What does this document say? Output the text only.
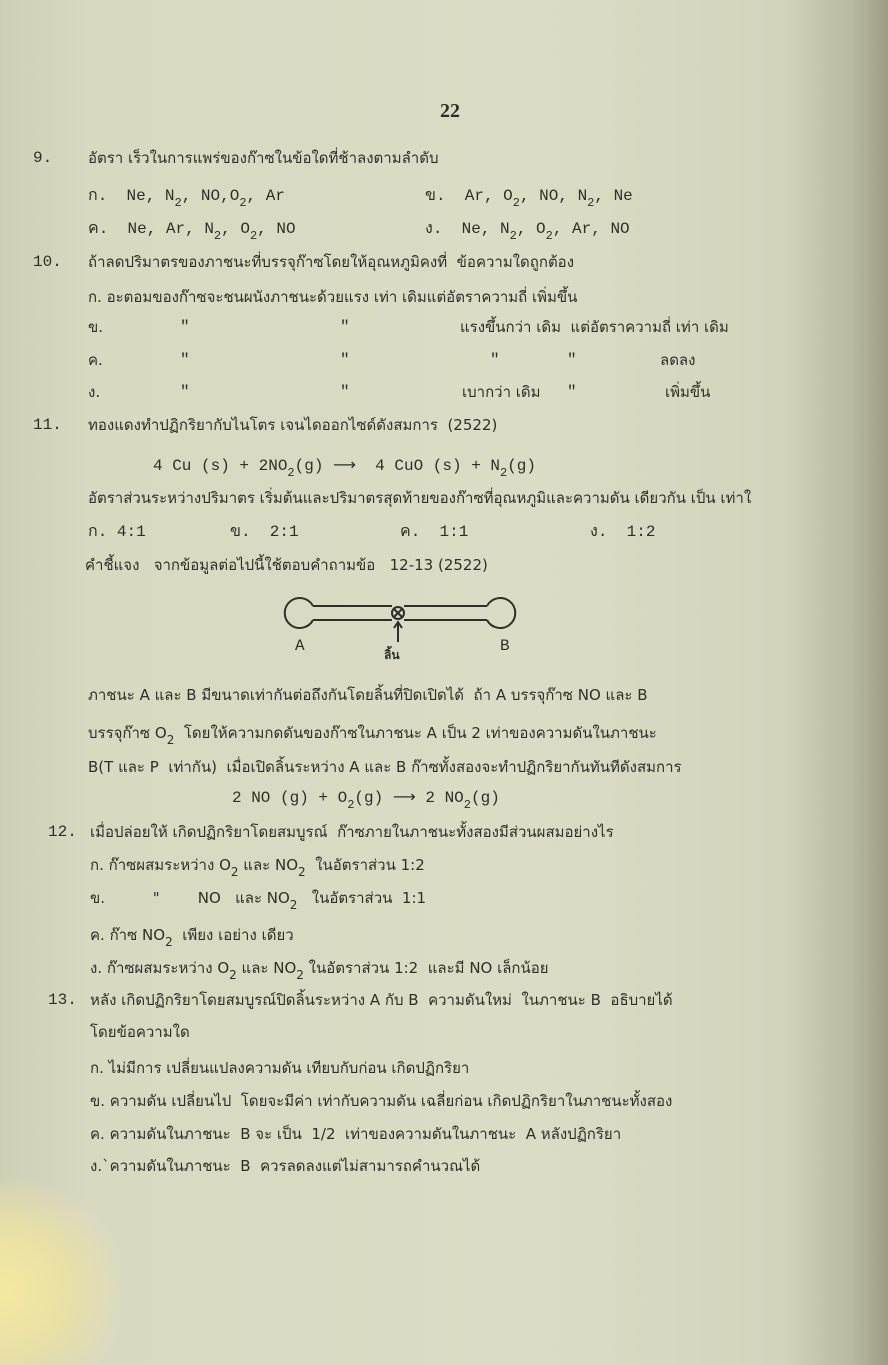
22
9. อัตรา เร็วในการแพร่ของก๊าซในข้อใดที่ช้าลงตามลำดับ
ก.  Ne, $N_2$, $NO,O_2$, Ar	ข.  Ar, $O_2$, NO, $N_2$, Ne
ค.  Ne, Ar, $N_2$, $O_2$, NO	ง.  Ne, $N_2$, $O_2$, Ar, NO
10. ถ้าลดปริมาตรของภาชนะที่บรรจุก๊าซโดยให้อุณหภูมิคงที่  ข้อความใดถูกต้อง
ก. อะตอมของก๊าซจะชนผนังภาชนะด้วยแรง เท่า เดิมแต่อัตราความถี่ เพิ่มขึ้น
ข.	"	"	แรงขึ้นกว่า เดิม  แต่อัตราความถี่ เท่า เดิม
ค.	"	"	"	"	ลดลง
ง.	"	"	เบากว่า เดิม "	เพิ่มขึ้น
11. ทองแดงทำปฏิกริยากับไนโตร เจนไดออกไซด์ดังสมการ  (2522)
4 Cu $(s) + 2NO_2(g)$ ⟶  4 CuO $(s) + N_2(g)$
อัตราส่วนระหว่างปริมาตร เริ่มต้นและปริมาตรสุดท้ายของก๊าซที่อุณหภูมิและความดัน เดียวกัน เป็น เท่าใ
ก. 4:1	ข.  2:1	ค.  1:1	ง.  1:2
คำชี้แจง   จากข้อมูลต่อไปนี้ใช้ตอบคำถามข้อ   12-13 (2522)
A	B
ลิ้น
ภาชนะ A และ B มีขนาดเท่ากันต่อถึงกันโดยลิ้นที่ปิดเปิดได้  ถ้า A บรรจุก๊าซ NO และ B
บรรจุก๊าซ $O_2$  โดยให้ความกดดันของก๊าซในภาชนะ A เป็น 2 เท่าของความดันในภาชนะ
B(T และ P  เท่ากัน)  เมื่อเปิดลิ้นระหว่าง A และ B ก๊าซทั้งสองจะทำปฏิกริยากันทันทีดังสมการ
2 NO $(g) + O_2(g)$ ⟶ 2 $NO_2(g)$
12. เมื่อปล่อยให้ เกิดปฏิกริยาโดยสมบูรณ์  ก๊าซภายในภาชนะทั้งสองมีส่วนผสมอย่างไร
ก. ก๊าซผสมระหว่าง $O_2$ และ $NO_2$  ในอัตราส่วน 1:2
ข.          "        NO   และ $NO_2$   ในอัตราส่วน  1:1
ค. ก๊าซ $NO_2$  เพียง เอย่าง เดียว
ง. ก๊าซผสมระหว่าง $O_2$ และ $NO_2$ ในอัตราส่วน 1:2  และมี NO เล็กน้อย
13. หลัง เกิดปฏิกริยาโดยสมบูรณ์ปิดลิ้นระหว่าง A กับ B  ความดันใหม่  ในภาชนะ B  อธิบายได้
โดยข้อความใด
ก. ไม่มีการ เปลี่ยนแปลงความดัน เทียบกับก่อน เกิดปฏิกริยา
ข. ความดัน เปลี่ยนไป  โดยจะมีค่า เท่ากับความดัน เฉลี่ยก่อน เกิดปฏิกริยาในภาชนะทั้งสอง
ค. ความดันในภาชนะ  B จะ เป็น  1/2  เท่าของความดันในภาชนะ  A หลังปฏิกริยา
ง.`ความดันในภาชนะ  B  ควรลดลงแต่ไม่สามารถคำนวณได้
